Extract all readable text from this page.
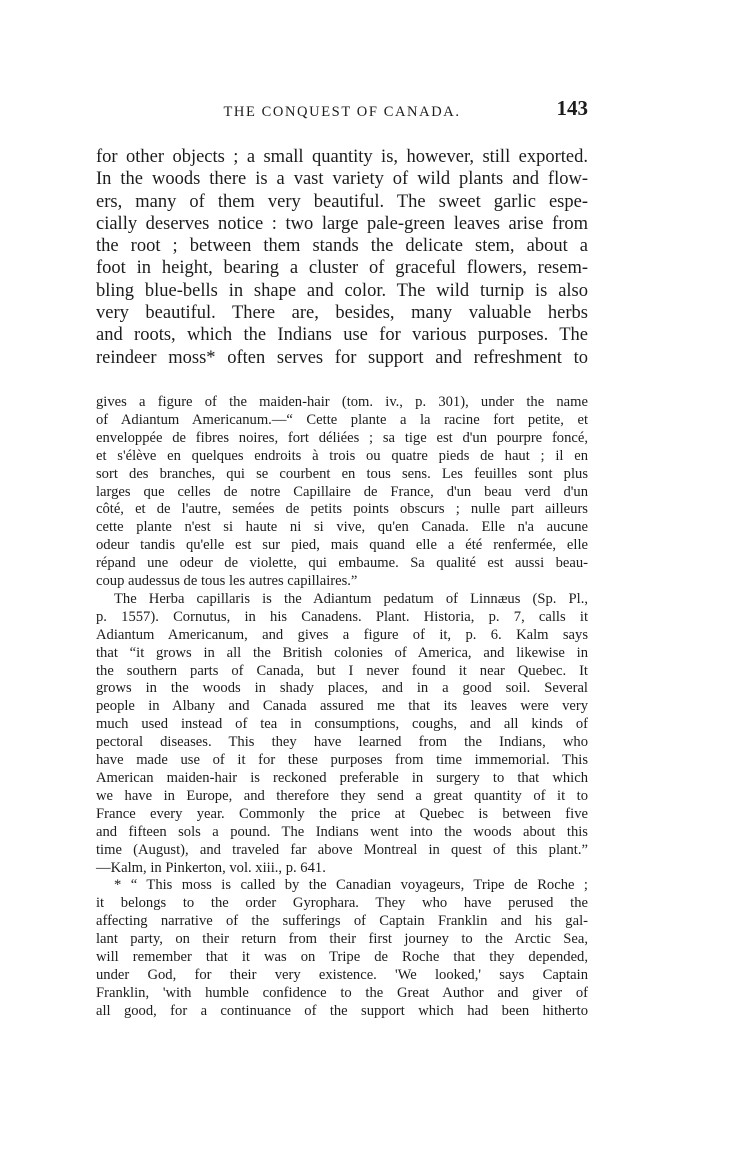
THE CONQUEST OF CANADA.	143
for other objects ; a small quantity is, however, still exported.
In the woods there is a vast variety of wild plants and flow-
ers, many of them very beautiful. The sweet garlic espe-
cially deserves notice : two large pale-green leaves arise from
the root ; between them stands the delicate stem, about a
foot in height, bearing a cluster of graceful flowers, resem-
bling blue-bells in shape and color. The wild turnip is also
very beautiful. There are, besides, many valuable herbs
and roots, which the Indians use for various purposes. The
reindeer moss* often serves for support and refreshment to
gives a figure of the maiden-hair (tom. iv., p. 301), under the name
of Adiantum Americanum.—“ Cette plante a la racine fort petite, et
enveloppée de fibres noires, fort déliées ; sa tige est d'un pourpre foncé,
et s'élève en quelques endroits à trois ou quatre pieds de haut ; il en
sort des branches, qui se courbent en tous sens. Les feuilles sont plus
larges que celles de notre Capillaire de France, d'un beau verd d'un
côté, et de l'autre, semées de petits points obscurs ; nulle part ailleurs
cette plante n'est si haute ni si vive, qu'en Canada. Elle n'a aucune
odeur tandis qu'elle est sur pied, mais quand elle a été renfermée, elle
répand une odeur de violette, qui embaume. Sa qualité est aussi beau-
coup audessus de tous les autres capillaires.”
The Herba capillaris is the Adiantum pedatum of Linnæus (Sp. Pl.,
p. 1557). Cornutus, in his Canadens. Plant. Historia, p. 7, calls it
Adiantum Americanum, and gives a figure of it, p. 6. Kalm says
that “it grows in all the British colonies of America, and likewise in
the southern parts of Canada, but I never found it near Quebec. It
grows in the woods in shady places, and in a good soil. Several
people in Albany and Canada assured me that its leaves were very
much used instead of tea in consumptions, coughs, and all kinds of
pectoral diseases. This they have learned from the Indians, who
have made use of it for these purposes from time immemorial. This
American maiden-hair is reckoned preferable in surgery to that which
we have in Europe, and therefore they send a great quantity of it to
France every year. Commonly the price at Quebec is between five
and fifteen sols a pound. The Indians went into the woods about this
time (August), and traveled far above Montreal in quest of this plant.”
—Kalm, in Pinkerton, vol. xiii., p. 641.
* “ This moss is called by the Canadian voyageurs, Tripe de Roche ;
it belongs to the order Gyrophara. They who have perused the
affecting narrative of the sufferings of Captain Franklin and his gal-
lant party, on their return from their first journey to the Arctic Sea,
will remember that it was on Tripe de Roche that they depended,
under God, for their very existence. 'We looked,' says Captain
Franklin, 'with humble confidence to the Great Author and giver of
all good, for a continuance of the support which had been hitherto
